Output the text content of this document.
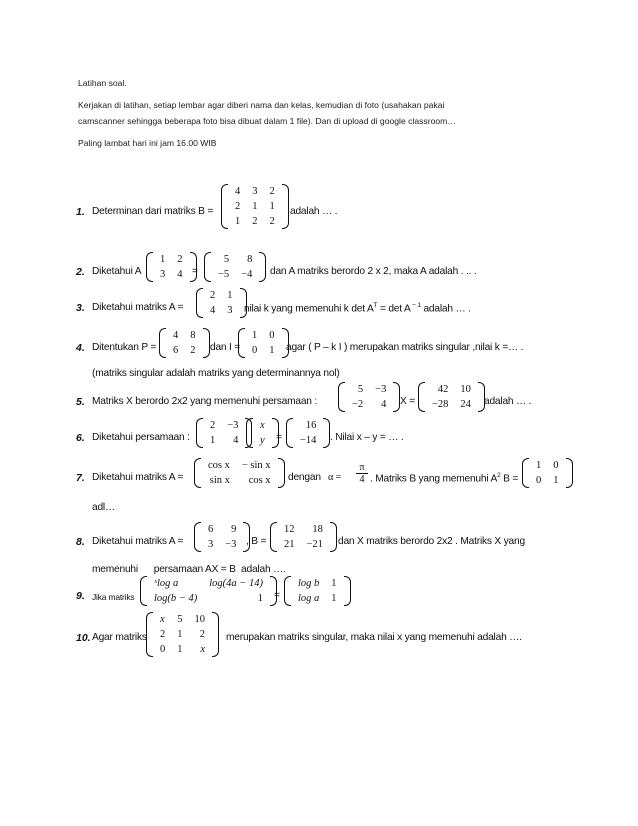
Latihan soal.
Kerjakan di latihan, setiap lembar agar diberi nama dan kelas, kemudian di foto (usahakan pakai
camscanner sehingga beberapa foto bisa dibuat dalam 1 file). Dan di upload di google classroom…
Paling lambat hari ini jam 16.00 WIB
1. Determinan dari matriks B =
4	3	2
2	1	1
1	2	2
adalah … .
2. Diketahui A
1	2
3	4 =
5	8
−5	−4 dan A matriks berordo 2 x 2, maka A adalah . .. .
3. Diketahui matriks A =
2	1
4	3 nilai k yang memenuhi k $\det A^T = \det A$ $^{- 1}$ adalah … .
4. Ditentukan P =
4	8
6	2 dan I =
1	0
0	1 agar ( P – k I ) merupakan matriks singular ,nilai k =… .
(matriks singular adalah matriks yang determinannya nol)
5. Matriks X berordo 2x2 yang memenuhi persamaan :
5	−3
−2	4 X =
42	10
−28	24 adalah … .
6. Diketahui persamaan :
2	−3
1	4
x
y =
16
−14 . Nilai x – y = … .
7. Diketahui matriks A =
cos x	− sin x
sin x	cos x dengan $\alpha = \frac{\pi}{4}$ . Matriks B yang memenuhi $A^2$ B =
1	0
0	1
adl…
8. Diketahui matriks A =
6	9
3	−3 , B =
12	18
21	−21 dan X matriks berordo 2x2 . Matriks X yang
memenuhi      persamaan AX = B  adalah ….
9. Jika matriks
ˣlog a	log(4a − 14)
log(b − 4)	1 =
log b	1
log a	1
10. Agar matriks
x	5	10
2	1	2
0	1	x
merupakan matriks singular, maka nilai x yang memenuhi adalah ….
